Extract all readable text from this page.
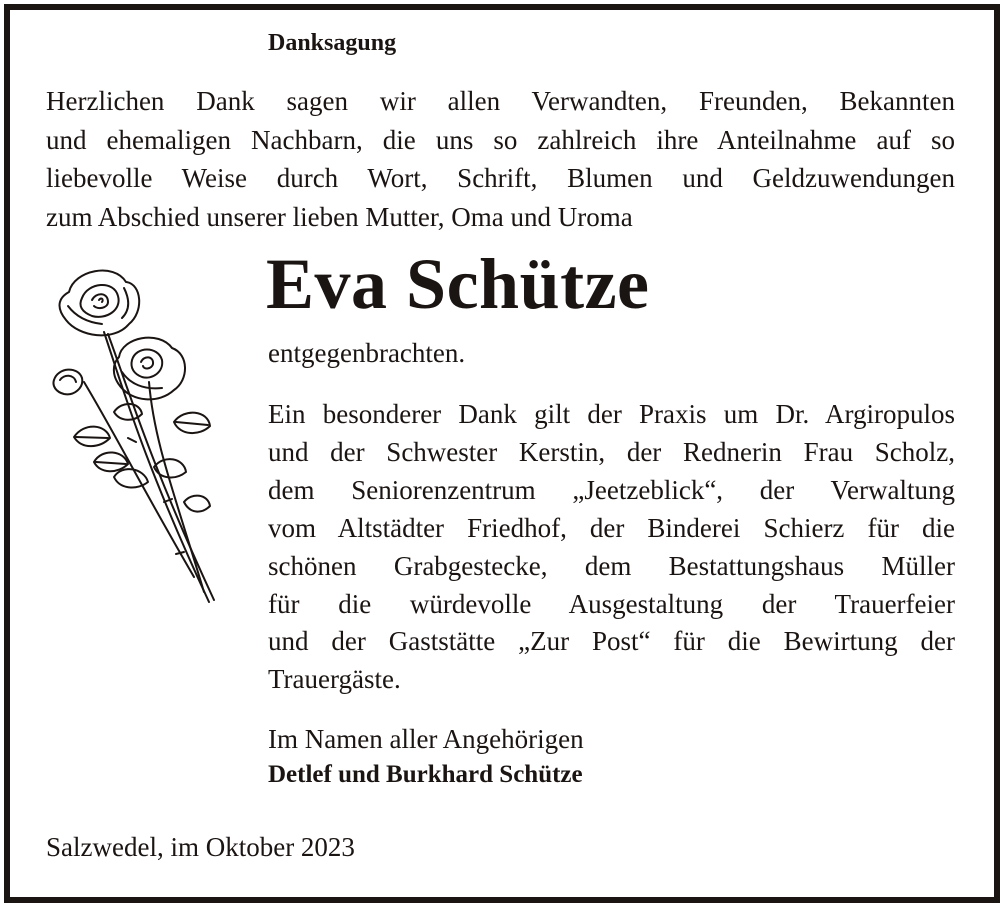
Danksagung
Herzlichen Dank sagen wir allen Verwandten, Freunden, Bekannten
und ehemaligen Nachbarn, die uns so zahlreich ihre Anteilnahme auf so
liebevolle Weise durch Wort, Schrift, Blumen und Geldzuwendungen
zum Abschied unserer lieben Mutter, Oma und Uroma
Eva Schütze
entgegenbrachten.
Ein besonderer Dank gilt der Praxis um Dr. Argiropulos
und der Schwester Kerstin, der Rednerin Frau Scholz,
dem Seniorenzentrum „Jeetzeblick“, der Verwaltung
vom Altstädter Friedhof, der Binderei Schierz für die
schönen Grabgestecke, dem Bestattungshaus Müller
für die würdevolle Ausgestaltung der Trauerfeier
und der Gaststätte „Zur Post“ für die Bewirtung der
Trauergäste.
Im Namen aller Angehörigen
Detlef und Burkhard Schütze
Salzwedel, im Oktober 2023
